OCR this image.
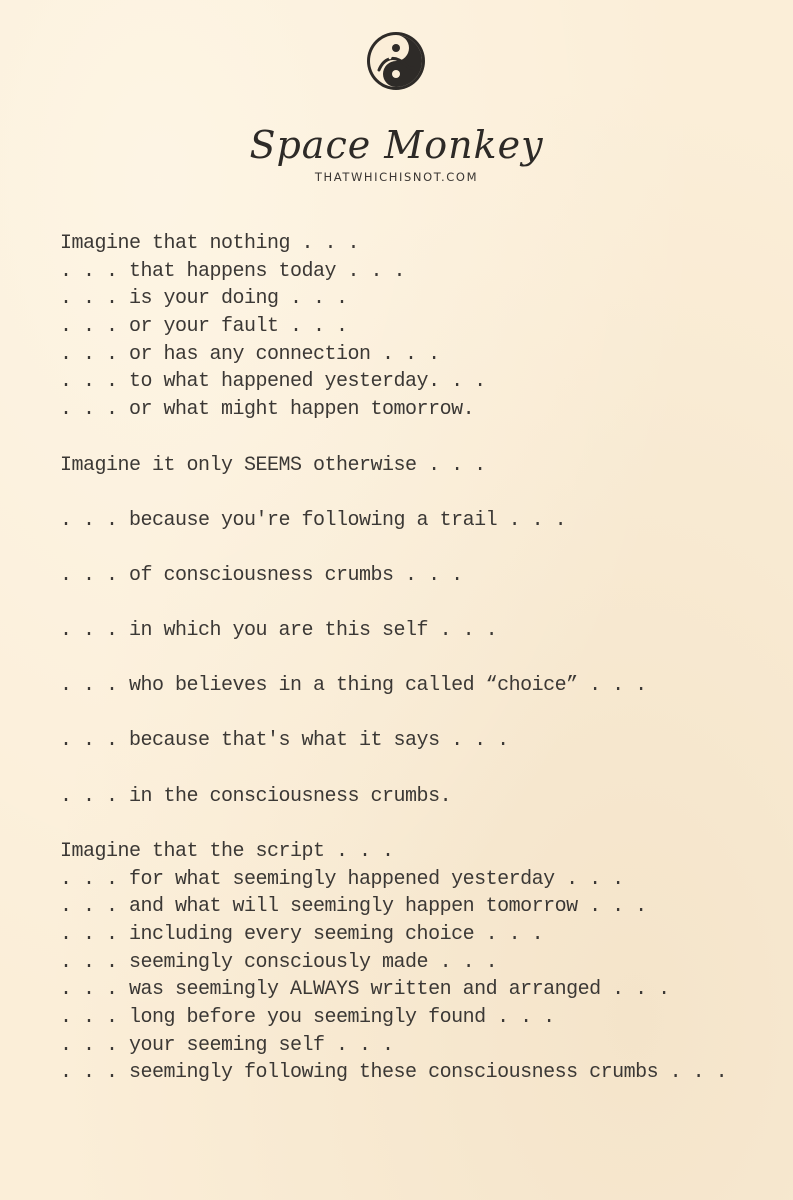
Space Monkey
THATWHICHISNOT.COM
Imagine that nothing . . .
. . . that happens today . . .
. . . is your doing . . .
. . . or your fault . . .
. . . or has any connection . . .
. . . to what happened yesterday. . .
. . . or what might happen tomorrow.
Imagine it only SEEMS otherwise . . .
. . . because you're following a trail . . .
. . . of consciousness crumbs . . .
. . . in which you are this self . . .
. . . who believes in a thing called “choice” . . .
. . . because that's what it says . . .
. . . in the consciousness crumbs.
Imagine that the script . . .
. . . for what seemingly happened yesterday . . .
. . . and what will seemingly happen tomorrow . . .
. . . including every seeming choice . . .
. . . seemingly consciously made . . .
. . . was seemingly ALWAYS written and arranged . . .
. . . long before you seemingly found . . .
. . . your seeming self . . .
. . . seemingly following these consciousness crumbs . . .
